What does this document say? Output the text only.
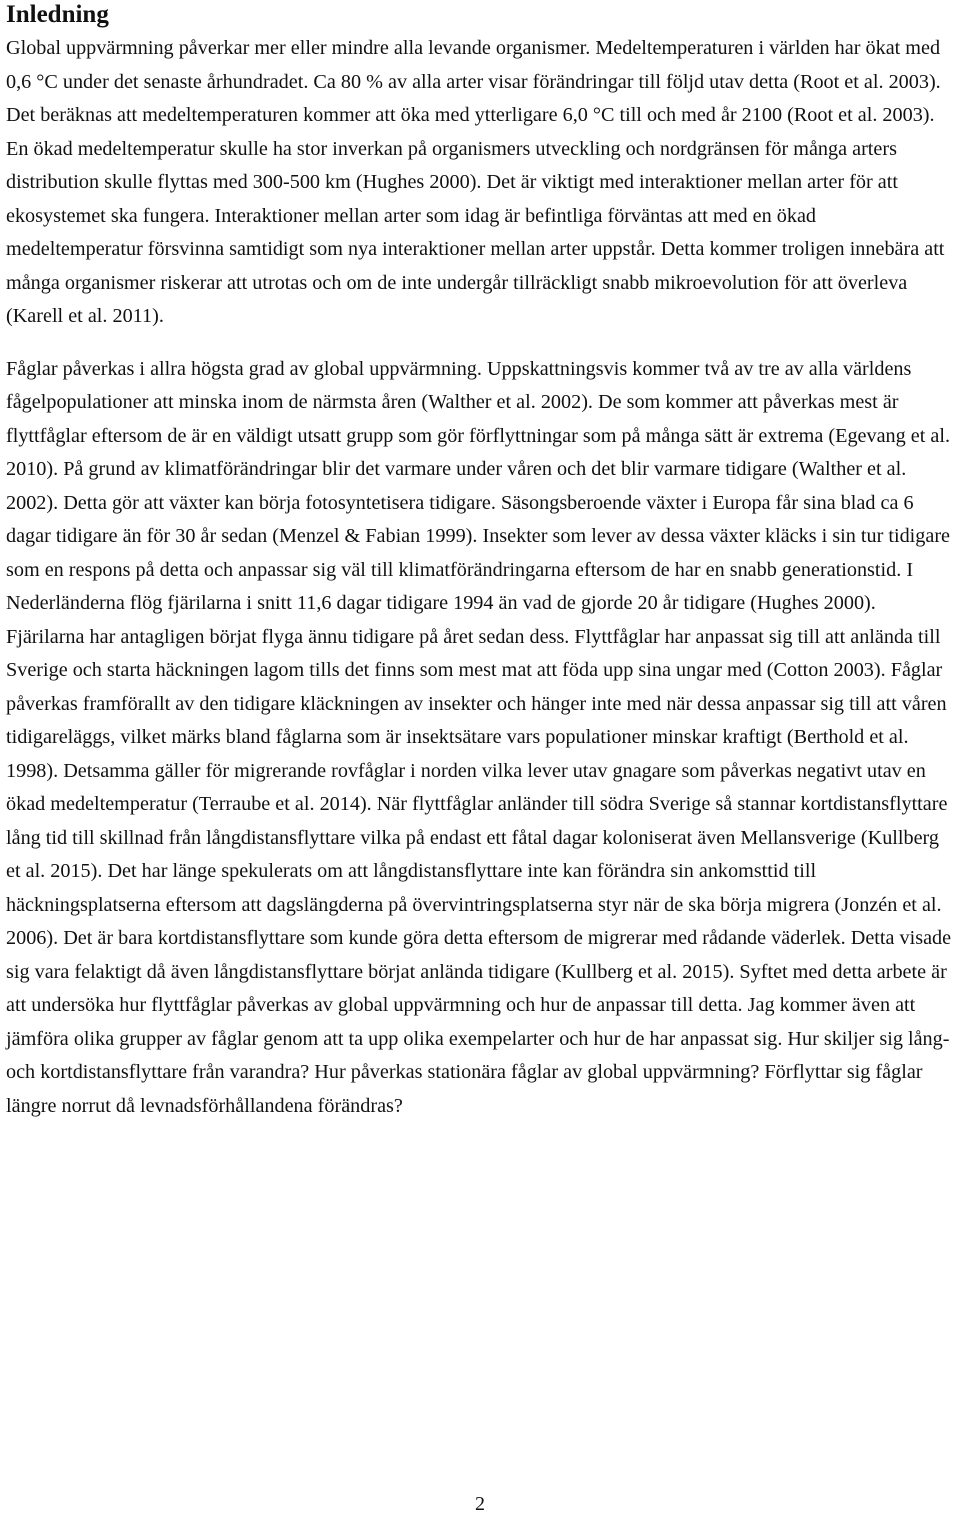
Inledning

Global uppvärmning påverkar mer eller mindre alla levande organismer. Medeltemperaturen i världen har ökat med 0,6 °C under det senaste århundradet. Ca 80 % av alla arter visar förändringar till följd utav detta (Root et al. 2003). Det beräknas att medeltemperaturen kommer att öka med ytterligare 6,0 °C till och med år 2100 (Root et al. 2003). En ökad medeltemperatur skulle ha stor inverkan på organismers utveckling och nordgränsen för många arters distribution skulle flyttas med 300-500 km (Hughes 2000). Det är viktigt med interaktioner mellan arter för att ekosystemet ska fungera. Interaktioner mellan arter som idag är befintliga förväntas att med en ökad medeltemperatur försvinna samtidigt som nya interaktioner mellan arter uppstår. Detta kommer troligen innebära att många organismer riskerar att utrotas och om de inte undergår tillräckligt snabb mikroevolution för att överleva (Karell et al. 2011).

Fåglar påverkas i allra högsta grad av global uppvärmning. Uppskattningsvis kommer två av tre av alla världens fågelpopulationer att minska inom de närmsta åren (Walther et al. 2002). De som kommer att påverkas mest är flyttfåglar eftersom de är en väldigt utsatt grupp som gör förflyttningar som på många sätt är extrema (Egevang et al. 2010). På grund av klimatförändringar blir det varmare under våren och det blir varmare tidigare (Walther et al. 2002). Detta gör att växter kan börja fotosyntetisera tidigare. Säsongsberoende växter i Europa får sina blad ca 6 dagar tidigare än för 30 år sedan (Menzel & Fabian 1999). Insekter som lever av dessa växter kläcks i sin tur tidigare som en respons på detta och anpassar sig väl till klimatförändringarna eftersom de har en snabb generationstid. I Nederländerna flög fjärilarna i snitt 11,6 dagar tidigare 1994 än vad de gjorde 20 år tidigare (Hughes 2000). Fjärilarna har antagligen börjat flyga ännu tidigare på året sedan dess. Flyttfåglar har anpassat sig till att anlända till Sverige och starta häckningen lagom tills det finns som mest mat att föda upp sina ungar med (Cotton 2003). Fåglar påverkas framförallt av den tidigare kläckningen av insekter och hänger inte med när dessa anpassar sig till att våren tidigareläggs, vilket märks bland fåglarna som är insektsätare vars populationer minskar kraftigt (Berthold et al. 1998). Detsamma gäller för migrerande rovfåglar i norden vilka lever utav gnagare som påverkas negativt utav en ökad medeltemperatur (Terraube et al. 2014). När flyttfåglar anländer till södra Sverige så stannar kortdistansflyttare lång tid till skillnad från långdistansflyttare vilka på endast ett fåtal dagar koloniserat även Mellansverige (Kullberg et al. 2015). Det har länge spekulerats om att långdistansflyttare inte kan förändra sin ankomsttid till häckningsplatserna eftersom att dagslängderna på övervintringsplatserna styr när de ska börja migrera (Jonzén et al. 2006). Det är bara kortdistansflyttare som kunde göra detta eftersom de migrerar med rådande väderlek. Detta visade sig vara felaktigt då även långdistansflyttare börjat anlända tidigare (Kullberg et al. 2015). Syftet med detta arbete är att undersöka hur flyttfåglar påverkas av global uppvärmning och hur de anpassar till detta. Jag kommer även att jämföra olika grupper av fåglar genom att ta upp olika exempelarter och hur de har anpassat sig. Hur skiljer sig lång- och kortdistansflyttare från varandra? Hur påverkas stationära fåglar av global uppvärmning? Förflyttar sig fåglar längre norrut då levnadsförhållandena förändras?

2
